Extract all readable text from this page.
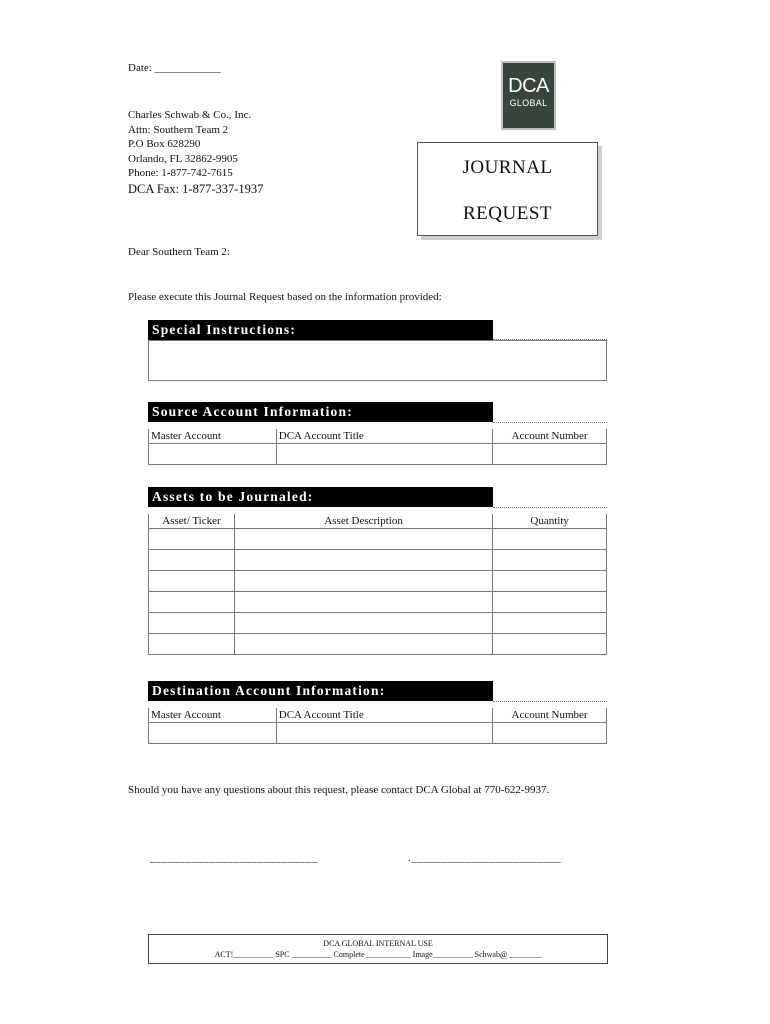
Date: ____________
Charles Schwab & Co., Inc.
Attn: Southern Team 2
P.O Box 628290
Orlando, FL 32862-9905
Phone: 1-877-742-7615
DCA Fax: 1-877-337-1937
DCA
GLOBAL
JOURNAL
REQUEST
Dear Southern Team 2:
Please execute this Journal Request based on the information provided:
Special Instructions:
Source Account Information:
Master Account	DCA Account Title	Account Number

Assets to be Journaled:
Asset/ Ticker	Asset Description	Quantity

Destination Account Information:
Master Account	DCA Account Title	Account Number

Should you have any questions about this request, please contact DCA Global at 770-622-9937.
____________________________	._________________________
DCA GLOBAL INTERNAL USE
ACT!__________ SPC __________ Complete ___________ Image__________ Schwab@ ________
